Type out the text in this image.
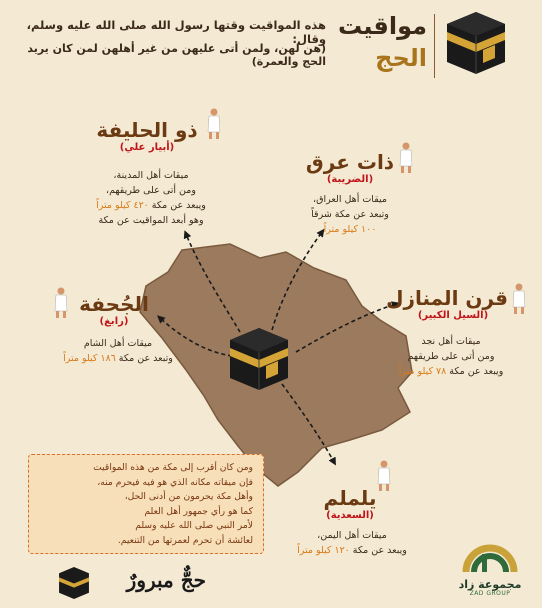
مواقيت
الحج
هذه المواقيت وقتها رسول الله صلى الله عليه وسلم، وقال:
(هن لهن، ولمن أتى عليهن من غير أهلهن لمن كان يريد الحج والعمرة)
ذو الحليفة
(أبيار علي)
ميقات أهل المدينة،
ومن أتى على طريقهم،
ويبعد عن مكة ٤٢٠ كيلو متراً
وهو أبعد المواقيت عن مكة
ذات عرق
(الضريبة)
ميقات أهل العراق،
وتبعد عن مكة شرقاً
١٠٠ كيلو متراً
الجُحفة
(رابغ)
ميقات أهل الشام
وتبعد عن مكة ١٨٦ كيلو متراً
قرن المنازل
(السيل الكبير)
ميقات أهل نجد
ومن أتى على طريقهم
ويبعد عن مكة ٧٨ كيلو متراً
يلملم
(السعدية)
ميقات أهل اليمن،
ويبعد عن مكة ١٢٠ كيلو متراً
ومن كان أقرب إلى مكة من هذه المواقيت
فإن ميقاته مكانه الذي هو فيه فيحرم منه،
وأهل مكة يحرمون من أدنى الحل،
كما هو رأي جمهور أهل العلم
لأمر النبي صلى الله عليه وسلم
لعائشة أن تحرم لعمرتها من التنعيم.
حجٌّ مبرورٌ	مجموعة زاد
ZAD GROUP
